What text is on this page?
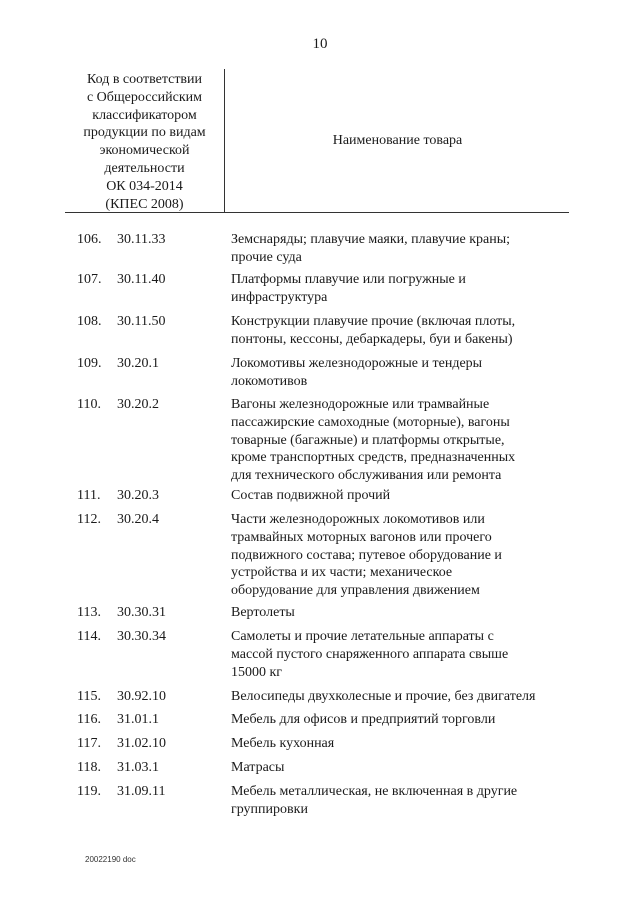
10
Код в соответствии
с Общероссийским
классификатором
продукции по видам
экономической
деятельности
ОК 034-2014
(КПЕС 2008)
Наименование товара
106.	30.11.33	Земснаряды; плавучие маяки, плавучие краны;
прочие суда
107.	30.11.40	Платформы плавучие или погружные и
инфраструктура
108.	30.11.50	Конструкции плавучие прочие (включая плоты,
понтоны, кессоны, дебаркадеры, буи и бакены)
109.	30.20.1	Локомотивы железнодорожные и тендеры
локомотивов
110.	30.20.2	Вагоны железнодорожные или трамвайные
пассажирские самоходные (моторные), вагоны
товарные (багажные) и платформы открытые,
кроме транспортных средств, предназначенных
для технического обслуживания или ремонта
111.	30.20.3	Состав подвижной прочий
112.	30.20.4	Части железнодорожных локомотивов или
трамвайных моторных вагонов или прочего
подвижного состава; путевое оборудование и
устройства и их части; механическое
оборудование для управления движением
113.	30.30.31	Вертолеты
114.	30.30.34	Самолеты и прочие летательные аппараты с
массой пустого снаряженного аппарата свыше
15000 кг
115.	30.92.10	Велосипеды двухколесные и прочие, без двигателя
116.	31.01.1	Мебель для офисов и предприятий торговли
117.	31.02.10	Мебель кухонная
118.	31.03.1	Матрасы
119.	31.09.11	Мебель металлическая, не включенная в другие
группировки
20022190 doc
